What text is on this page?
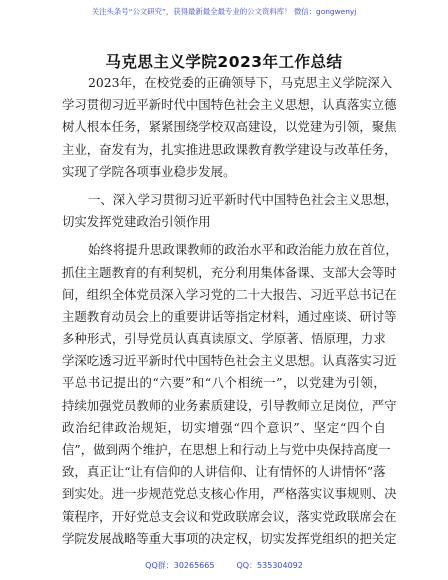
关注头条号“公文研究”，获得最新最全最专业的公文资料库！ 微信：gongwenyj
马克思主义学院2023年工作总结
2 0 2 3 年 ， 在 校 党 委 的 正 确 领 导 下 ， 马 克 思 主 义 学 院 深 入
学 习 贯 彻 习 近 平 新 时 代 中 国 特 色 社 会 主 义 思 想 ， 认 真 落 实 立 德
树 人 根 本 任 务 ， 紧 紧 围 绕 学 校 双 高 建 设 ， 以 党 建 为 引 领 ， 聚 焦
主 业 ， 奋 发 有 为 ， 扎 实 推 进 思 政 课 教 育 教 学 建 设 与 改 革 任 务 ，
实现了学院各项事业稳步发展。
一 、 深 入 学 习 贯 彻 习 近 平 新 时 代 中 国 特 色 社 会 主 义 思 想 ，
切实发挥党建政治引领作用
始 终 将 提 升 思 政 课 教 师 的 政 治 水 平 和 政 治 能 力 放 在 首 位 ，
抓 住 主 题 教 育 的 有 利 契 机 ， 充 分 利 用 集 体 备 课 、 支 部 大 会 等 时
间 ， 组 织 全 体 党 员 深 入 学 习 党 的 二 十 大 报 告 、 习 近 平 总 书 记 在
主 题 教 育 动 员 会 上 的 重 要 讲 话 等 指 定 材 料 ， 通 过 座 谈 、 研 讨 等
多 种 形 式 ， 引 导 党 员 认 真 真 读 原 文 、 学 原 著 、 悟 原 理 ， 力 求
学 深 吃 透 习 近 平 新 时 代 中 国 特 色 社 会 主 义 思 想 。 认 真 落 实 习 近
平 总 书 记 提 出 的 “ 六 要 ” 和 “ 八 个 相 统 一 ” ， 以 党 建 为 引 领 ，
持 续 加 强 党 员 教 师 的 业 务 素 质 建 设 ， 引 导 教 师 立 足 岗 位 ， 严 守
政 治 纪 律 政 治 规 矩 ， 切 实 增 强 “ 四 个 意 识 ” 、 坚 定 “ 四 个 自
信 ” ， 做 到 两 个 维 护 ， 在 思 想 上 和 行 动 上 与 党 中 央 保 持 高 度 一
致 ， 真 正 让 “ 让 有 信 仰 的 人 讲 信 仰 、 让 有 情 怀 的 人 讲 情 怀 ” 落
到 实 处 。 进 一 步 规 范 党 总 支 核 心 作 用 ， 严 格 落 实 议 事 规 则 、 决
策 程 序 ， 开 好 党 总 支 会 议 和 党 政 联 席 会 议 ， 落 实 党 政 联 席 会 在
学 院 发 展 战 略 等 重 大 事 项 的 决 定 权 ， 切 实 发 挥 党 组 织 的 把 关 定
QQ群：30265665	QQ：535304092
